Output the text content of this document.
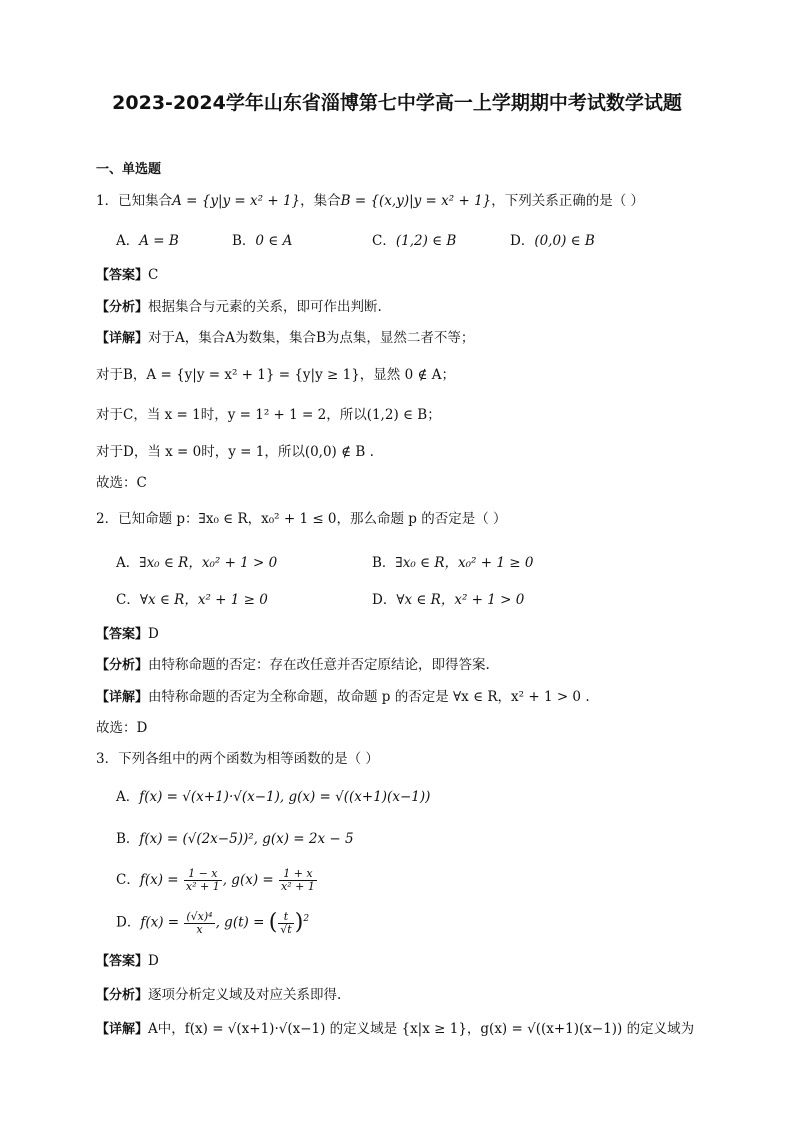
2023-2024学年山东省淄博第七中学高一上学期期中考试数学试题
一、单选题
1．已知集合A = {y|y = x² + 1}，集合B = {(x,y)|y = x² + 1}，下列关系正确的是（ ）
A．A = B	B．0 ∈ A	C．(1,2) ∈ B	D．(0,0) ∈ B
【答案】C
【分析】根据集合与元素的关系，即可作出判断.
【详解】对于A，集合A为数集，集合B为点集，显然二者不等；
对于B，A = {y|y = x² + 1} = {y|y ≥ 1}，显然 0 ∉ A；
对于C，当 x = 1时，y = 1² + 1 = 2，所以(1,2) ∈ B；
对于D，当 x = 0时，y = 1，所以(0,0) ∉ B .
故选：C
2．已知命题 p：∃x₀ ∈ R，x₀² + 1 ≤ 0，那么命题 p 的否定是（ ）
A．∃x₀ ∈ R，x₀² + 1 > 0	B．∃x₀ ∈ R，x₀² + 1 ≥ 0
C．∀x ∈ R，x² + 1 ≥ 0	D．∀x ∈ R，x² + 1 > 0
【答案】D
【分析】由特称命题的否定：存在改任意并否定原结论，即得答案.
【详解】由特称命题的否定为全称命题，故命题 p 的否定是 ∀x ∈ R，x² + 1 > 0 .
故选：D
3．下列各组中的两个函数为相等函数的是（ ）
A．f(x) = √(x+1)·√(x−1), g(x) = √((x+1)(x−1))
B．f(x) = (√(2x−5))², g(x) = 2x − 5
C．$f(x) = \frac{1 - x}{\text{x² + 1}}$ , $g(x) = \frac{1 + x}{\text{x² + 1}}$
D．$f(x) = \frac{\text{(√x)⁴}}{x}$ , g(t) = ( $\frac{t}{√t} )^2$
【答案】D
【分析】逐项分析定义域及对应关系即得.
【详解】A中，f(x) = √(x+1)·√(x−1) 的定义域是 {x|x ≥ 1}，g(x) = √((x+1)(x−1)) 的定义域为
